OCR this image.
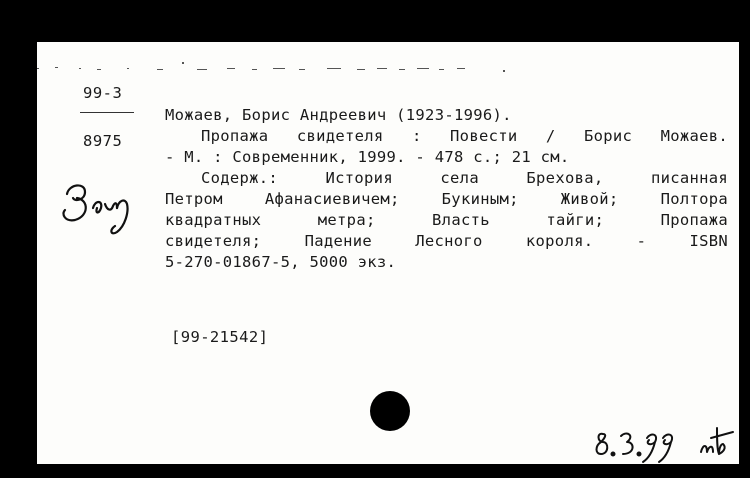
99-3
8975

Можаев, Борис Андреевич (1923-1996).

Пропажа свидетеля : Повести / Борис Можаев.

- М. : Современник, 1999. - 478 с.; 21 см.

Содерж.: История села Брехова, писанная

Петром Афанасиевичем; Букиным; Живой; Полтора

квадратных метра; Власть тайги; Пропажа

свидетеля; Падение Лесного короля. - ISBN

5-270-01867-5, 5000 экз.

[99-21542]
